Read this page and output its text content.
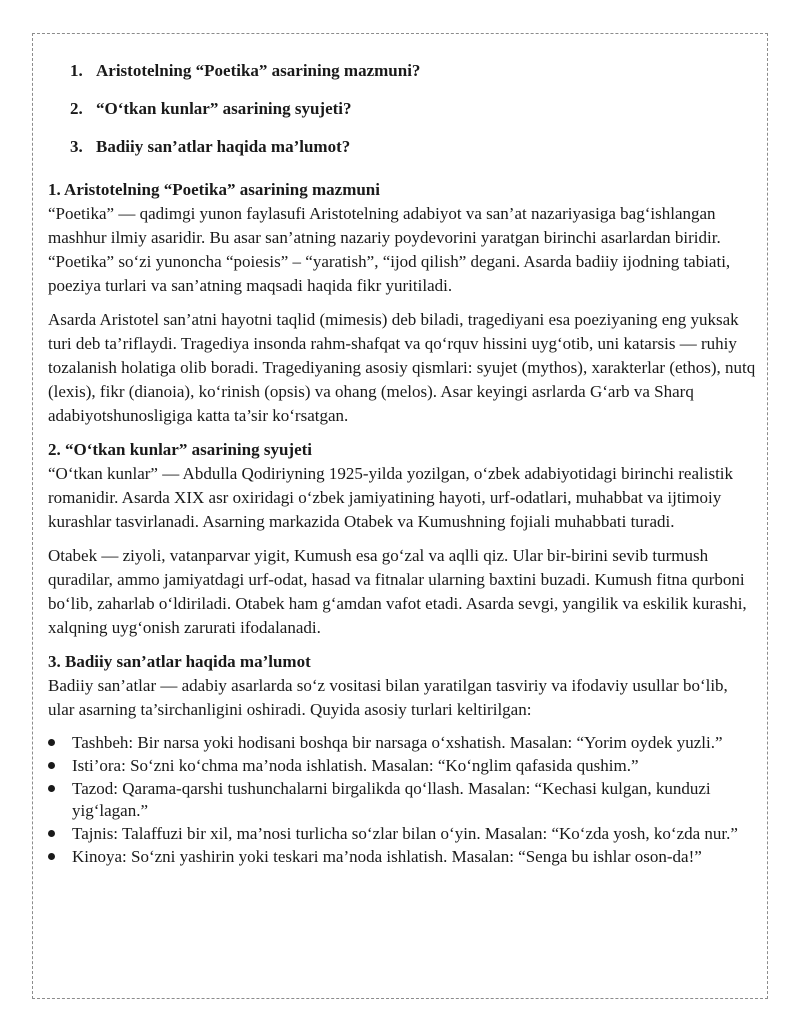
1. Aristotelning “Poetika” asarining mazmuni?
2. “O‘tkan kunlar” asarining syujeti?
3. Badiiy san’atlar haqida ma’lumot?
1. Aristotelning “Poetika” asarining mazmuni

“Poetika” — qadimgi yunon faylasufi Aristotelning adabiyot va san’at nazariyasiga bag‘ishlangan mashhur ilmiy asaridir. Bu asar san’atning nazariy poydevorini yaratgan birinchi asarlardan biridir. “Poetika” so‘zi yunoncha “poiesis” – “yaratish”, “ijod qilish” degani. Asarda badiiy ijodning tabiati, poeziya turlari va san’atning maqsadi haqida fikr yuritiladi.

Asarda Aristotel san’atni hayotni taqlid (mimesis) deb biladi, tragediyani esa poeziyaning eng yuksak turi deb ta’riflaydi. Tragediya insonda rahm-shafqat va qo‘rquv hissini uyg‘otib, uni katarsis — ruhiy tozalanish holatiga olib boradi. Tragediyaning asosiy qismlari: syujet (mythos), xarakterlar (ethos), nutq (lexis), fikr (dianoia), ko‘rinish (opsis) va ohang (melos). Asar keyingi asrlarda G‘arb va Sharq adabiyotshunosligiga katta ta’sir ko‘rsatgan.

2. “O‘tkan kunlar” asarining syujeti

“O‘tkan kunlar” — Abdulla Qodiriyning 1925-yilda yozilgan, o‘zbek adabiyotidagi birinchi realistik romanidir. Asarda XIX asr oxiridagi o‘zbek jamiyatining hayoti, urf-odatlari, muhabbat va ijtimoiy kurashlar tasvirlanadi. Asarning markazida Otabek va Kumushning fojiali muhabbati turadi.

Otabek — ziyoli, vatanparvar yigit, Kumush esa go‘zal va aqlli qiz. Ular bir-birini sevib turmush quradilar, ammo jamiyatdagi urf-odat, hasad va fitnalar ularning baxtini buzadi. Kumush fitna qurboni bo‘lib, zaharlab o‘ldiriladi. Otabek ham g‘amdan vafot etadi. Asarda sevgi, yangilik va eskilik kurashi, xalqning uyg‘onish zarurati ifodalanadi.

3. Badiiy san’atlar haqida ma’lumot

Badiiy san’atlar — adabiy asarlarda so‘z vositasi bilan yaratilgan tasviriy va ifodaviy usullar bo‘lib, ular asarning ta’sirchanligini oshiradi. Quyida asosiy turlari keltirilgan:

Tashbeh: Bir narsa yoki hodisani boshqa bir narsaga o‘xshatish. Masalan: “Yorim oydek yuzli.”
Isti’ora: So‘zni ko‘chma ma’noda ishlatish. Masalan: “Ko‘nglim qafasida qushim.”
Tazod: Qarama-qarshi tushunchalarni birgalikda qo‘llash. Masalan: “Kechasi kulgan, kunduzi yig‘lagan.”
Tajnis: Talaffuzi bir xil, ma’nosi turlicha so‘zlar bilan o‘yin. Masalan: “Ko‘zda yosh, ko‘zda nur.”
Kinoya: So‘zni yashirin yoki teskari ma’noda ishlatish. Masalan: “Senga bu ishlar oson-da!”
